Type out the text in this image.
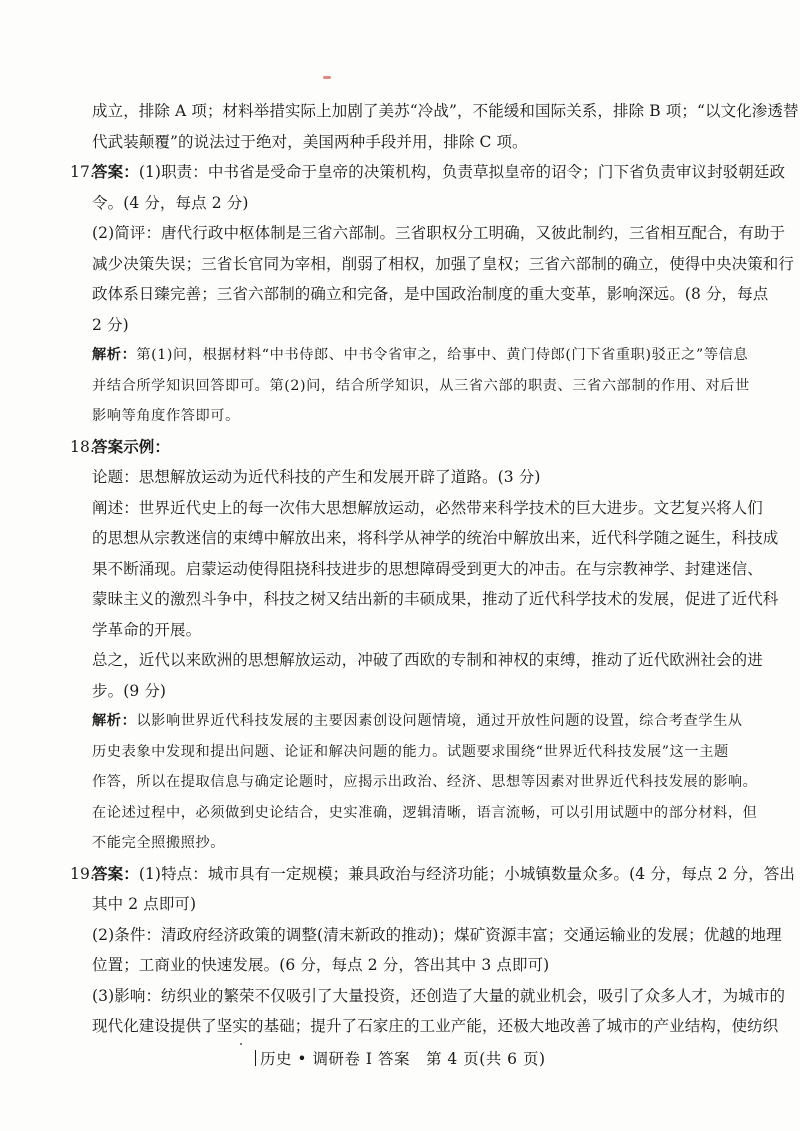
成立，排除 A 项；材料举措实际上加剧了美苏“冷战”，不能缓和国际关系，排除 B 项；“以文化渗透替
代武装颠覆”的说法过于绝对，美国两种手段并用，排除 C 项。
17.答案：(1)职责：中书省是受命于皇帝的决策机构，负责草拟皇帝的诏令；门下省负责审议封驳朝廷政
令。(4 分，每点 2 分)
(2)简评：唐代行政中枢体制是三省六部制。三省职权分工明确，又彼此制约，三省相互配合，有助于
减少决策失误；三省长官同为宰相，削弱了相权，加强了皇权；三省六部制的确立，使得中央决策和行
政体系日臻完善；三省六部制的确立和完备，是中国政治制度的重大变革，影响深远。(8 分，每点
2 分)
解析：第(1)问，根据材料“中书侍郎、中书令省审之，给事中、黄门侍郎(门下省重职)驳正之”等信息
并结合所学知识回答即可。第(2)问，结合所学知识，从三省六部的职责、三省六部制的作用、对后世
影响等角度作答即可。
18.答案示例：
论题：思想解放运动为近代科技的产生和发展开辟了道路。(3 分)
阐述：世界近代史上的每一次伟大思想解放运动，必然带来科学技术的巨大进步。文艺复兴将人们
的思想从宗教迷信的束缚中解放出来，将科学从神学的统治中解放出来，近代科学随之诞生，科技成
果不断涌现。启蒙运动使得阻挠科技进步的思想障碍受到更大的冲击。在与宗教神学、封建迷信、
蒙昧主义的激烈斗争中，科技之树又结出新的丰硕成果，推动了近代科学技术的发展，促进了近代科
学革命的开展。
总之，近代以来欧洲的思想解放运动，冲破了西欧的专制和神权的束缚，推动了近代欧洲社会的进
步。(9 分)
解析：以影响世界近代科技发展的主要因素创设问题情境，通过开放性问题的设置，综合考查学生从
历史表象中发现和提出问题、论证和解决问题的能力。试题要求围绕“世界近代科技发展”这一主题
作答，所以在提取信息与确定论题时，应揭示出政治、经济、思想等因素对世界近代科技发展的影响。
在论述过程中，必须做到史论结合，史实准确，逻辑清晰，语言流畅，可以引用试题中的部分材料，但
不能完全照搬照抄。
19.答案：(1)特点：城市具有一定规模；兼具政治与经济功能；小城镇数量众多。(4 分，每点 2 分，答出
其中 2 点即可)
(2)条件：清政府经济政策的调整(清末新政的推动)；煤矿资源丰富；交通运输业的发展；优越的地理
位置；工商业的快速发展。(6 分，每点 2 分，答出其中 3 点即可)
(3)影响：纺织业的繁荣不仅吸引了大量投资，还创造了大量的就业机会，吸引了众多人才，为城市的
现代化建设提供了坚实的基础；提升了石家庄的工业产能，还极大地改善了城市的产业结构，使纺织
历史 • 调研卷 Ⅰ 答案　第 4 页(共 6 页)
